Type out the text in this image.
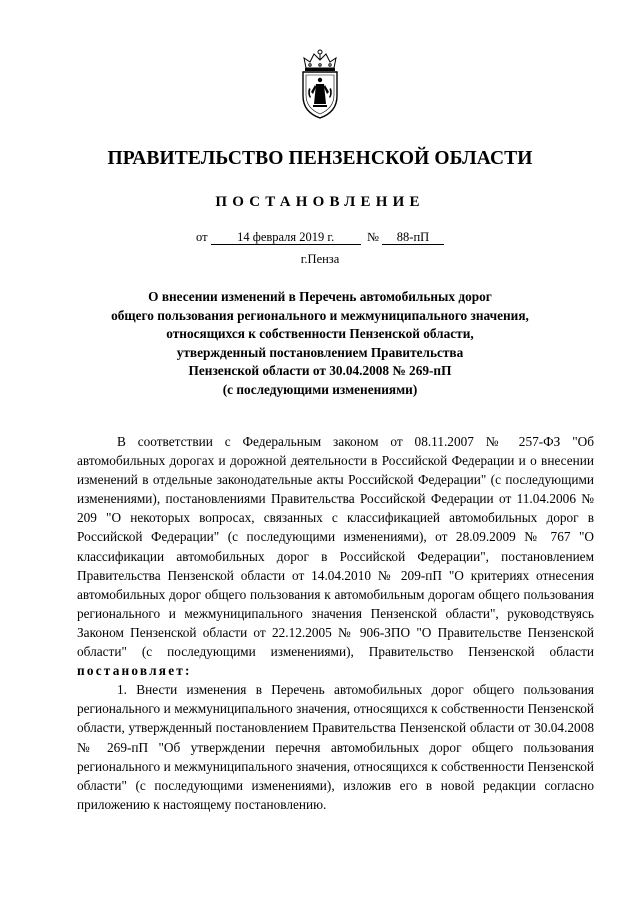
ПРАВИТЕЛЬСТВО ПЕНЗЕНСКОЙ ОБЛАСТИ
ПОСТАНОВЛЕНИЕ
от 14 февраля 2019 г.	№ 88-пП
г.Пенза
О внесении изменений в Перечень автомобильных дорог
общего пользования регионального и межмуниципального значения,
относящихся к собственности Пензенской области,
утвержденный постановлением Правительства
Пензенской области от 30.04.2008 № 269-пП
(с последующими изменениями)

В соответствии с Федеральным законом от 08.11.2007 № 257-ФЗ "Об автомобильных дорогах и дорожной деятельности в Российской Федерации и о внесении изменений в отдельные законодательные акты Российской Федерации" (с последующими изменениями), постановлениями Правительства Российской Федерации от 11.04.2006 № 209 "О некоторых вопросах, связанных с классификацией автомобильных дорог в Российской Федерации" (с последующими изменениями), от 28.09.2009 № 767 "О классификации автомобильных дорог в Российской Федерации", постановлением Правительства Пензенской области от 14.04.2010 № 209-пП "О критериях отнесения автомобильных дорог общего пользования к автомобильным дорогам общего пользования регионального и межмуниципального значения Пензенской области", руководствуясь Законом Пензенской области от 22.12.2005 № 906-ЗПО "О Правительстве Пензенской области" (с последующими изменениями), Правительство Пензенской области постановляет:

1. Внести изменения в Перечень автомобильных дорог общего пользования регионального и межмуниципального значения, относящихся к собственности Пензенской области, утвержденный постановлением Правительства Пензенской области от 30.04.2008 № 269-пП "Об утверждении перечня автомобильных дорог общего пользования регионального и межмуниципального значения, относящихся к собственности Пензенской области" (с последующими изменениями), изложив его в новой редакции согласно приложению к настоящему постановлению.
